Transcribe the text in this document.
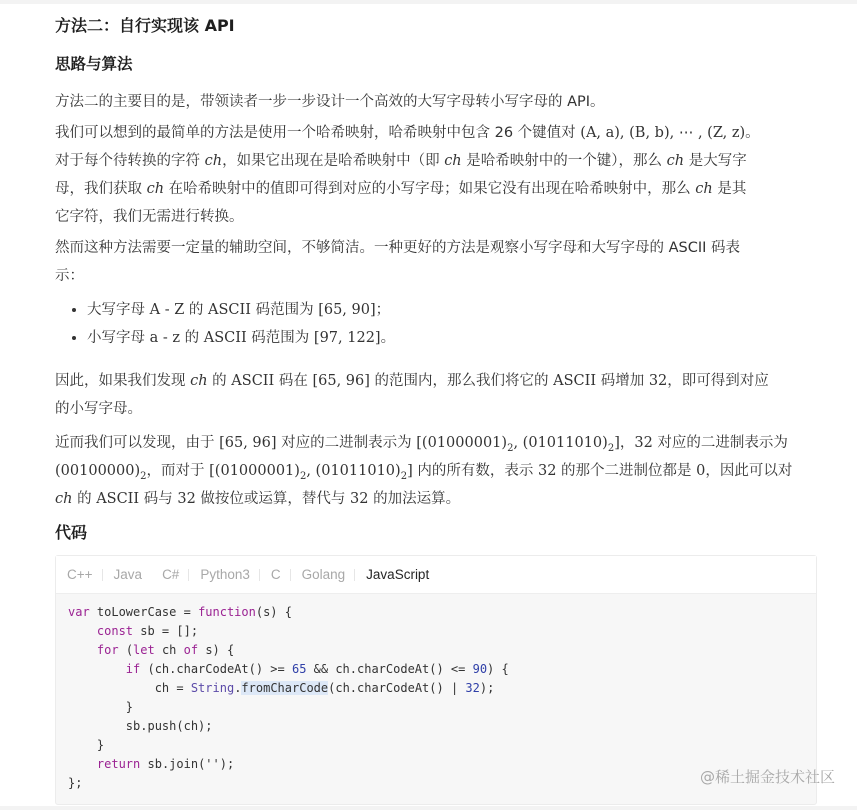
方法二：自行实现该 API
思路与算法
方法二的主要目的是，带领读者一步一步设计一个高效的大写字母转小写字母的 API。
我们可以想到的最简单的方法是使用一个哈希映射，哈希映射中包含 26 个键值对 (A, a), (B, b), ⋯ , (Z, z)。
对于每个待转换的字符 ch，如果它出现在是哈希映射中（即 ch 是哈希映射中的一个键），那么 ch 是大写字
母，我们获取 ch 在哈希映射中的值即可得到对应的小写字母；如果它没有出现在哈希映射中，那么 ch 是其
它字符，我们无需进行转换。
然而这种方法需要一定量的辅助空间，不够简洁。一种更好的方法是观察小写字母和大写字母的 ASCII 码表
示：
• 大写字母 A - Z 的 ASCII 码范围为 [65, 90]；
• 小写字母 a - z 的 ASCII 码范围为 [97, 122]。
因此，如果我们发现 ch 的 ASCII 码在 [65, 96] 的范围内，那么我们将它的 ASCII 码增加 32，即可得到对应
的小写字母。
近而我们可以发现，由于 [65, 96] 对应的二进制表示为 [$(01000001)_2$, $(01011010)_2$]，32 对应的二进制表示为
$(00100000)_2$，而对于 [$(01000001)_2$, $(01011010)_2$] 内的所有数，表示 32 的那个二进制位都是 0，因此可以对
ch 的 ASCII 码与 32 做按位或运算，替代与 32 的加法运算。
代码
C++ Java C# Python3 C Golang JavaScript
var toLowerCase = function(s) {
const sb = [];
for (let ch of s) {
if (ch.charCodeAt() >= 65 && ch.charCodeAt() <= 90) {
ch = String.fromCharCode(ch.charCodeAt() | 32);
}
sb.push(ch);
}
return sb.join('');
};	@稀土掘金技术社区
